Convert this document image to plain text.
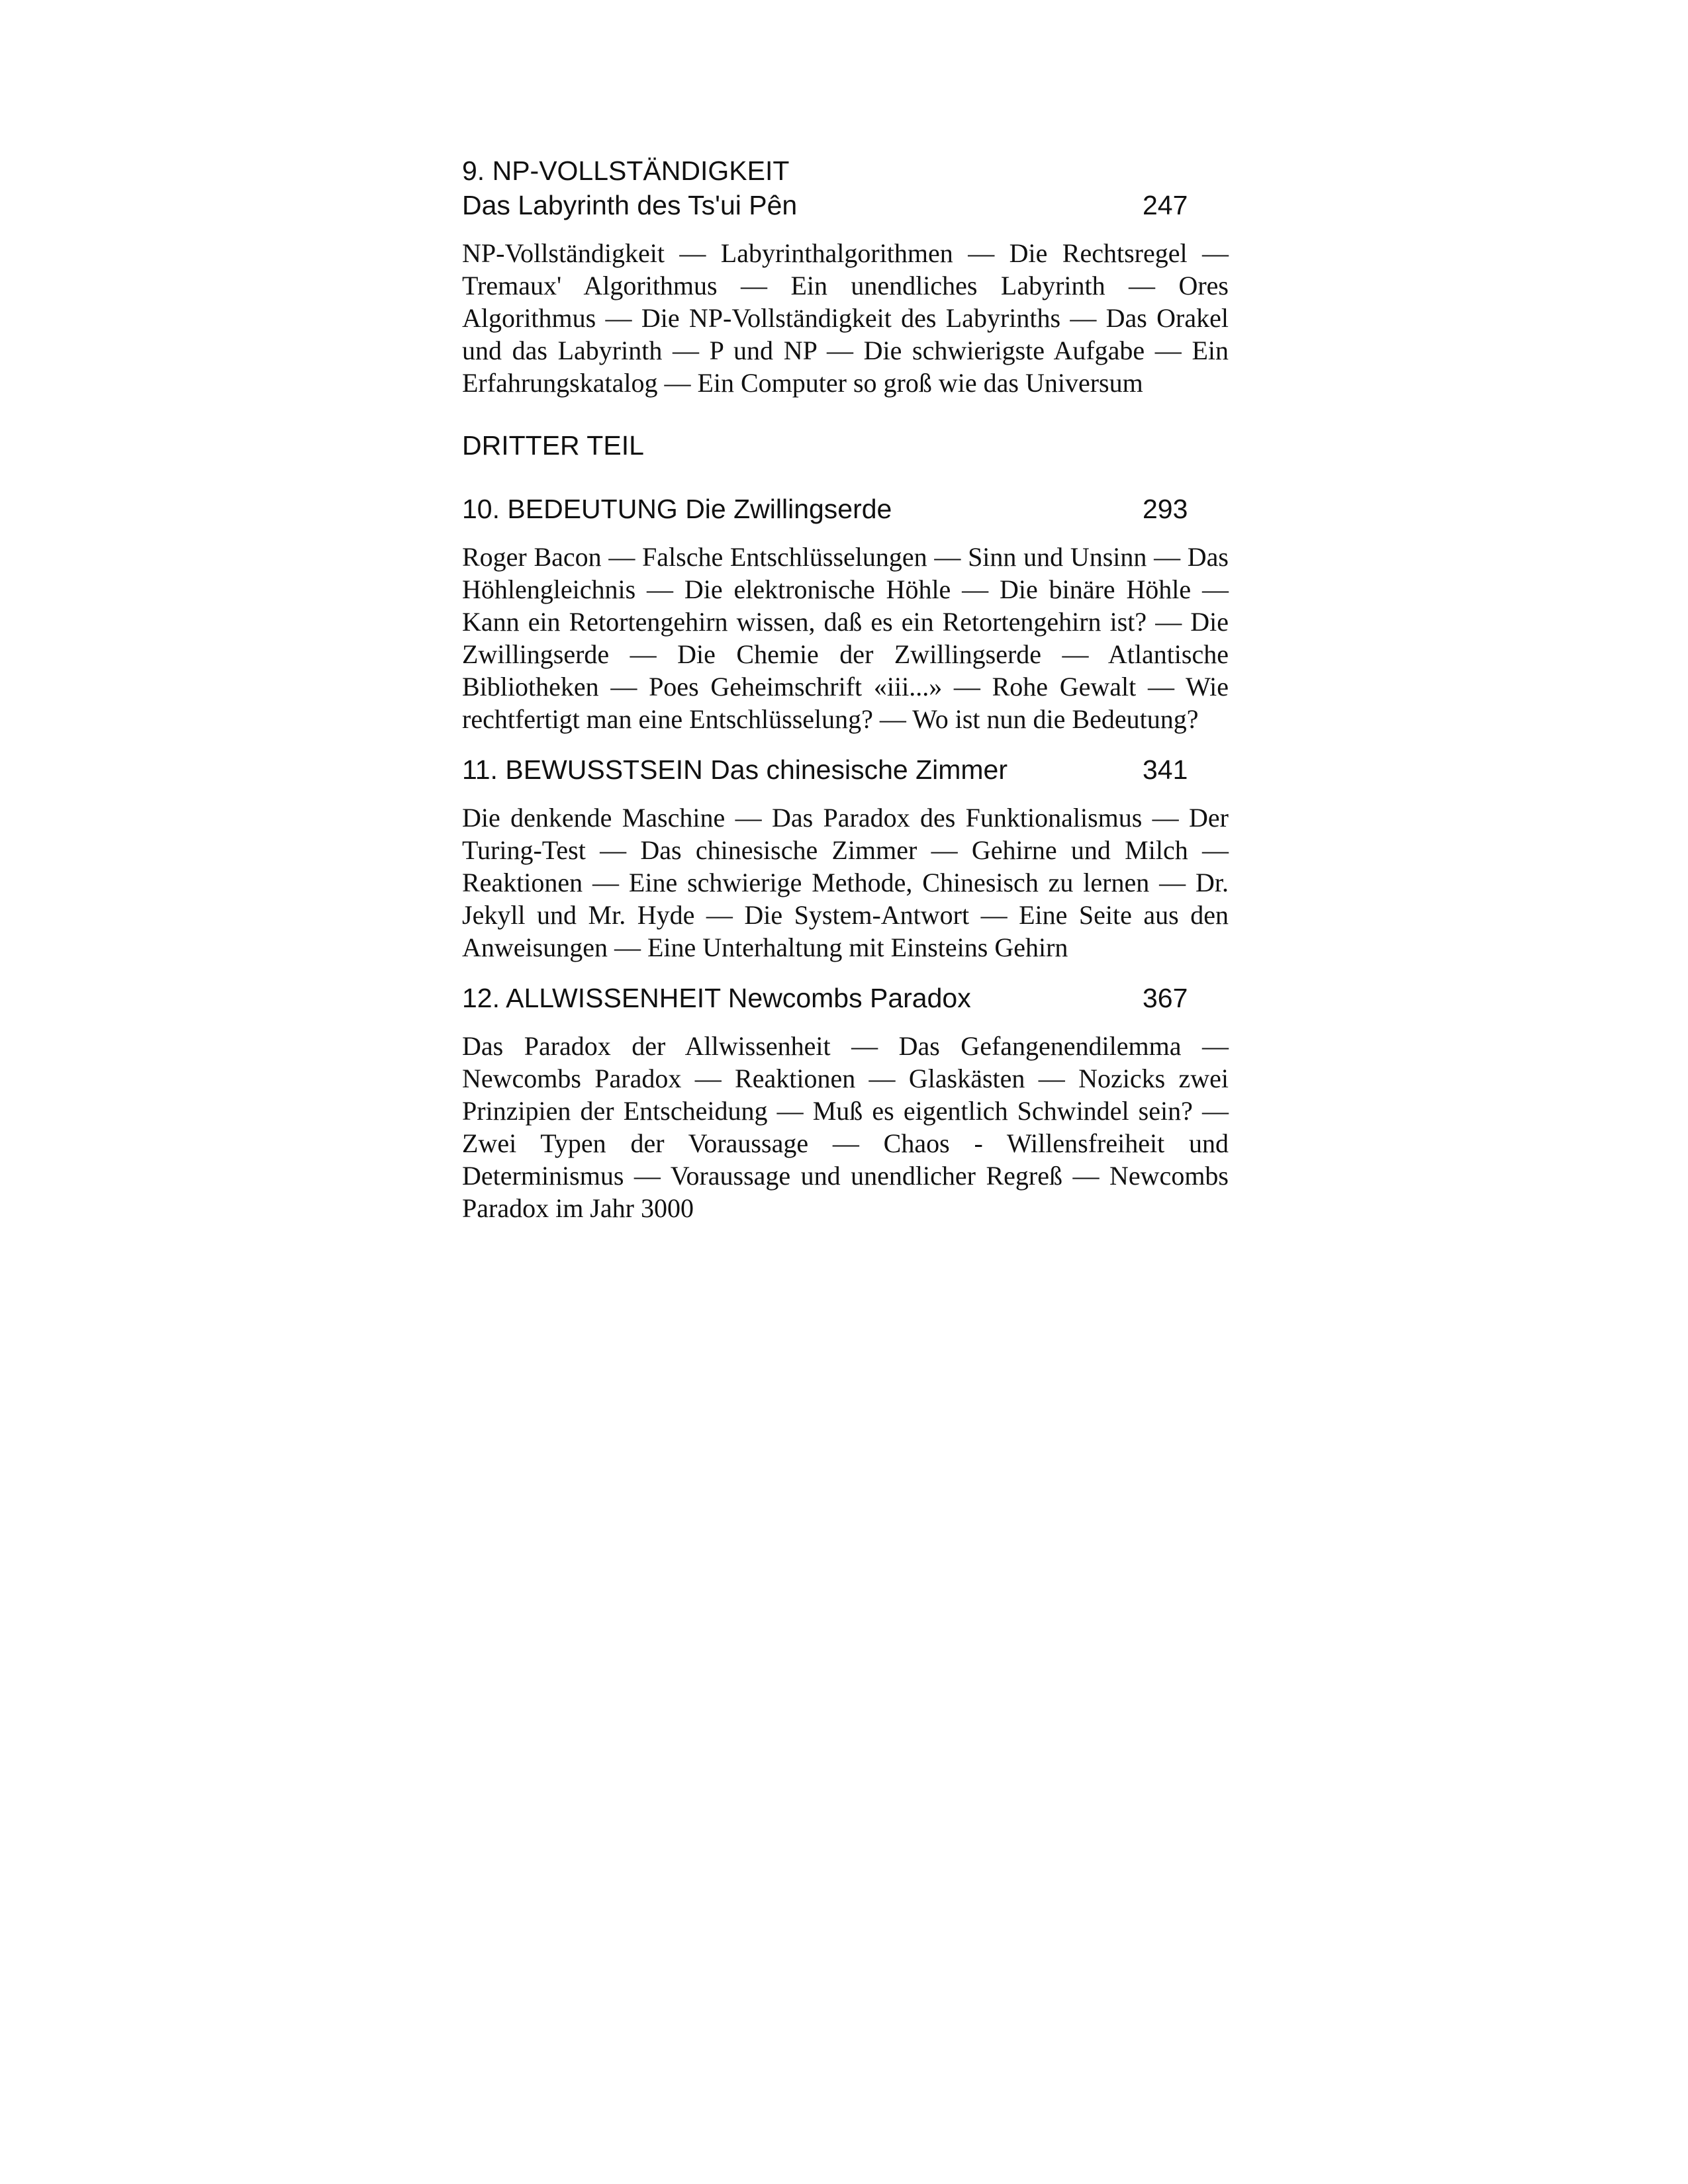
9. NP-VOLLSTÄNDIGKEIT

Das Labyrinth des Ts'ui Pên	247

NP-Vollständigkeit — Labyrinthalgorithmen — Die Rechtsregel — Tremaux' Algorithmus — Ein unendliches Labyrinth — Ores Algorithmus — Die NP-Vollständigkeit des Labyrinths — Das Orakel und das Labyrinth — P und NP — Die schwierigste Aufgabe — Ein Erfahrungskatalog — Ein Computer so groß wie das Universum

DRITTER TEIL

10. BEDEUTUNG Die Zwillingserde	293

Roger Bacon — Falsche Entschlüsselungen — Sinn und Unsinn — Das Höhlengleichnis — Die elektronische Höhle — Die binäre Höhle — Kann ein Retortengehirn wissen, daß es ein Retortengehirn ist? — Die Zwillingserde — Die Chemie der Zwillingserde — Atlantische Bibliotheken — Poes Geheimschrift «iii...» — Rohe Gewalt — Wie rechtfertigt man eine Entschlüsselung? — Wo ist nun die Bedeutung?

11. BEWUSSTSEIN Das chinesische Zimmer	341

Die denkende Maschine — Das Paradox des Funktionalismus — Der Turing-Test — Das chinesische Zimmer — Gehirne und Milch — Reaktionen — Eine schwierige Methode, Chinesisch zu lernen — Dr. Jekyll und Mr. Hyde — Die System-Antwort — Eine Seite aus den Anweisungen — Eine Unterhaltung mit Einsteins Gehirn

12. ALLWISSENHEIT Newcombs Paradox	367

Das Paradox der Allwissenheit — Das Gefangenendilemma — Newcombs Paradox — Reaktionen — Glaskästen — Nozicks zwei Prinzipien der Entscheidung — Muß es eigentlich Schwindel sein? — Zwei Typen der Voraussage — Chaos - Willensfreiheit und Determinismus — Voraussage und unendlicher Regreß — Newcombs Paradox im Jahr 3000
